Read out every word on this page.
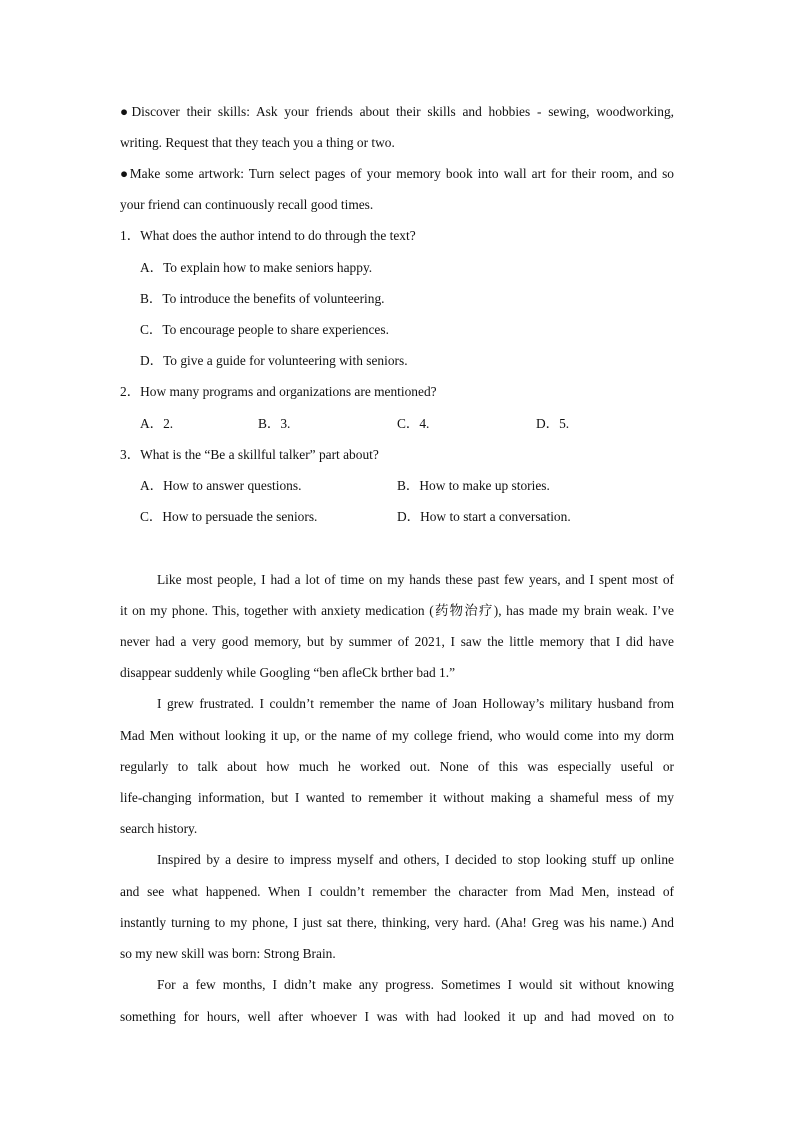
●Discover their skills: Ask your friends about their skills and hobbies - sewing, woodworking,
writing. Request that they teach you a thing or two.
●Make some artwork: Turn select pages of your memory book into wall art for their room, and so
your friend can continuously recall good times.
1．What does the author intend to do through the text?
A．To explain how to make seniors happy.
B．To introduce the benefits of volunteering.
C．To encourage people to share experiences.
D．To give a guide for volunteering with seniors.
2．How many programs and organizations are mentioned?
A．2.	B．3.	C．4.	D．5.
3．What is the “Be a skillful talker” part about?
A．How to answer questions.	B．How to make up stories.
C．How to persuade the seniors.	D．How to start a conversation.
Like most people, I had a lot of time on my hands these past few years, and I spent most of
it on my phone. This, together with anxiety medication (药物治疗), has made my brain weak. I’ve
never had a very good memory, but by summer of 2021, I saw the little memory that I did have
disappear suddenly while Googling “ben afleCk brther bad 1.”
I grew frustrated. I couldn’t remember the name of Joan Holloway’s military husband from
Mad Men without looking it up, or the name of my college friend, who would come into my dorm
regularly to talk about how much he worked out. None of this was especially useful or
life-changing information, but I wanted to remember it without making a shameful mess of my
search history.
Inspired by a desire to impress myself and others, I decided to stop looking stuff up online
and see what happened. When I couldn’t remember the character from Mad Men, instead of
instantly turning to my phone, I just sat there, thinking, very hard. (Aha! Greg was his name.) And
so my new skill was born: Strong Brain.
For a few months, I didn’t make any progress. Sometimes I would sit without knowing
something for hours, well after whoever I was with had looked it up and had moved on to
